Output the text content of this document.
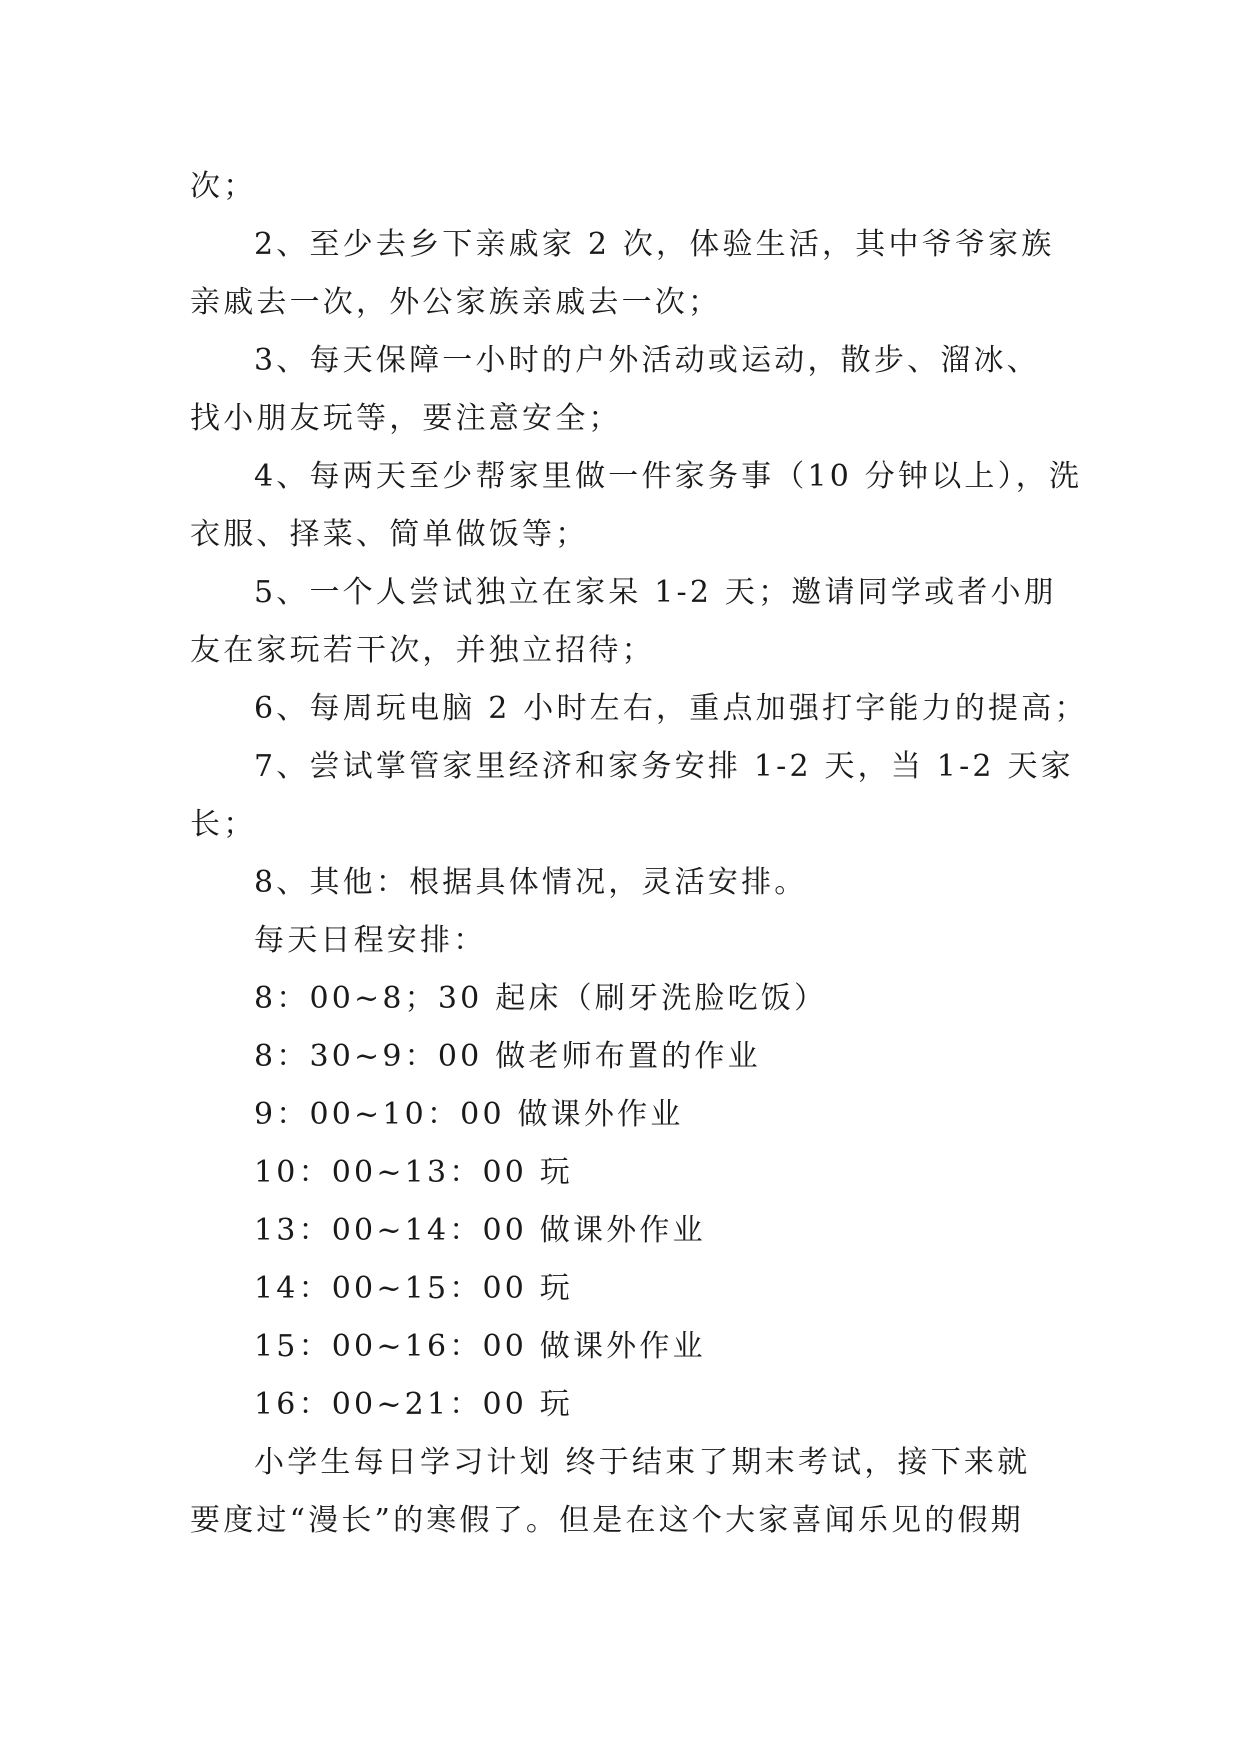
次；
2、至少去乡下亲戚家 2 次，体验生活，其中爷爷家族
亲戚去一次，外公家族亲戚去一次；
3、每天保障一小时的户外活动或运动，散步、溜冰、
找小朋友玩等，要注意安全；
4、每两天至少帮家里做一件家务事（10 分钟以上），洗
衣服、择菜、简单做饭等；
5、一个人尝试独立在家呆 1-2 天；邀请同学或者小朋
友在家玩若干次，并独立招待；
6、每周玩电脑 2 小时左右，重点加强打字能力的提高；
7、尝试掌管家里经济和家务安排 1-2 天，当 1-2 天家
长；
8、其他：根据具体情况，灵活安排。
每天日程安排：
8：00~8；30 起床（刷牙洗脸吃饭）
8：30~9：00 做老师布置的作业
9：00~10：00 做课外作业
10：00~13：00 玩
13：00~14：00 做课外作业
14：00~15：00 玩
15：00~16：00 做课外作业
16：00~21：00 玩
小学生每日学习计划 终于结束了期末考试，接下来就
要度过“漫长”的寒假了。但是在这个大家喜闻乐见的假期
